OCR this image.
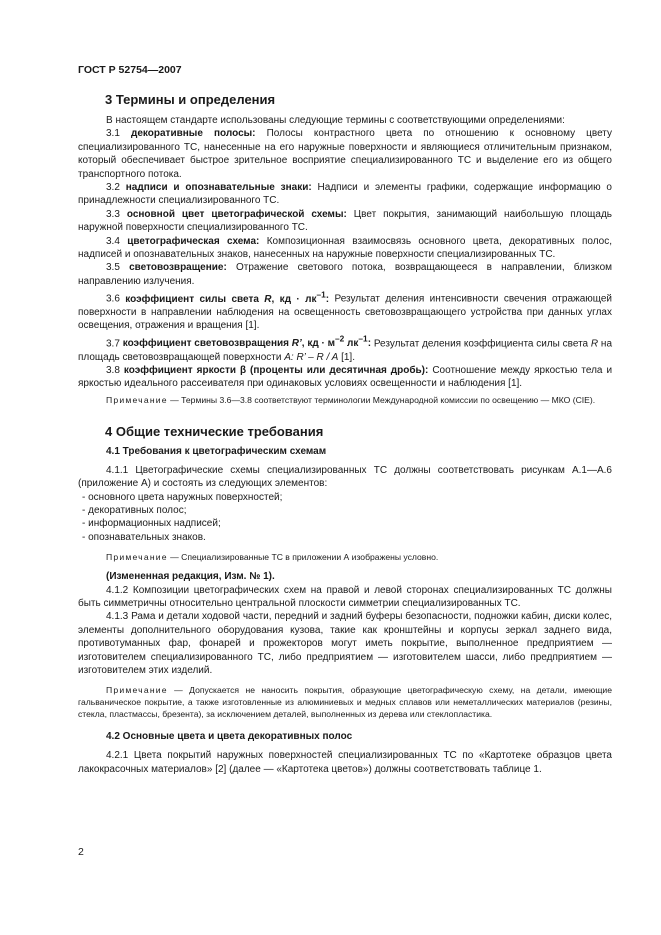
ГОСТ Р 52754—2007
3 Термины и определения

В настоящем стандарте использованы следующие термины с соответствующими определениями:

3.1 декоративные полосы: Полосы контрастного цвета по отношению к основному цвету специализированного ТС, нанесенные на его наружные поверхности и являющиеся отличительным признаком, который обеспечивает быстрое зрительное восприятие специализированного ТС и выделение его из общего транспортного потока.

3.2 надписи и опознавательные знаки: Надписи и элементы графики, содержащие информацию о принадлежности специализированного ТС.

3.3 основной цвет цветографической схемы: Цвет покрытия, занимающий наибольшую площадь наружной поверхности специализированного ТС.

3.4 цветографическая схема: Композиционная взаимосвязь основного цвета, декоративных полос, надписей и опознавательных знаков, нанесенных на наружные поверхности специализированных ТС.

3.5 световозвращение: Отражение светового потока, возвращающееся в направлении, близком направлению излучения.

3.6 коэффициент силы света R, кд · $лк^{-1}$: Результат деления интенсивности свечения отражающей поверхности в направлении наблюдения на освещенность световозвращающего устройства при данных углах освещения, отражения и вращения [1].

3.7 коэффициент световозвращения R’, кд · $м^{-2}$ $лк^{-1}$: Результат деления коэффициента силы света R на площадь световозвращающей поверхности A: R’ – R / A [1].

3.8 коэффициент яркости β (проценты или десятичная дробь): Соотношение между яркостью тела и яркостью идеального рассеивателя при одинаковых условиях освещенности и наблюдения [1].

Примечание — Термины 3.6—3.8 соответствуют терминологии Международной комиссии по освещению — МКО (CIE).
4 Общие технические требования
4.1 Требования к цветографическим схемам

4.1.1 Цветографические схемы специализированных ТС должны соответствовать рисункам А.1—А.6 (приложение А) и состоять из следующих элементов:

- основного цвета наружных поверхностей;

- декоративных полос;

- информационных надписей;

- опознавательных знаков.

Примечание — Специализированные ТС в приложении А изображены условно.

(Измененная редакция, Изм. № 1).

4.1.2 Композиции цветографических схем на правой и левой сторонах специализированных ТС должны быть симметричны относительно центральной плоскости симметрии специализированных ТС.

4.1.3 Рама и детали ходовой части, передний и задний буферы безопасности, подножки кабин, диски колес, элементы дополнительного оборудования кузова, такие как кронштейны и корпусы зеркал заднего вида, противотуманных фар, фонарей и прожекторов могут иметь покрытие, выполненное предприятием — изготовителем специализированного ТС, либо предприятием — изготовителем шасси, либо предприятием — изготовителем этих изделий.

Примечание — Допускается не наносить покрытия, образующие цветографическую схему, на детали, имеющие гальваническое покрытие, а также изготовленные из алюминиевых и медных сплавов или неметаллических материалов (резины, стекла, пластмассы, брезента), за исключением деталей, выполненных из дерева или стеклопластика.
4.2 Основные цвета и цвета декоративных полос

4.2.1 Цвета покрытий наружных поверхностей специализированных ТС по «Картотеке образцов цвета лакокрасочных материалов» [2] (далее — «Картотека цветов») должны соответствовать таблице 1.

2
